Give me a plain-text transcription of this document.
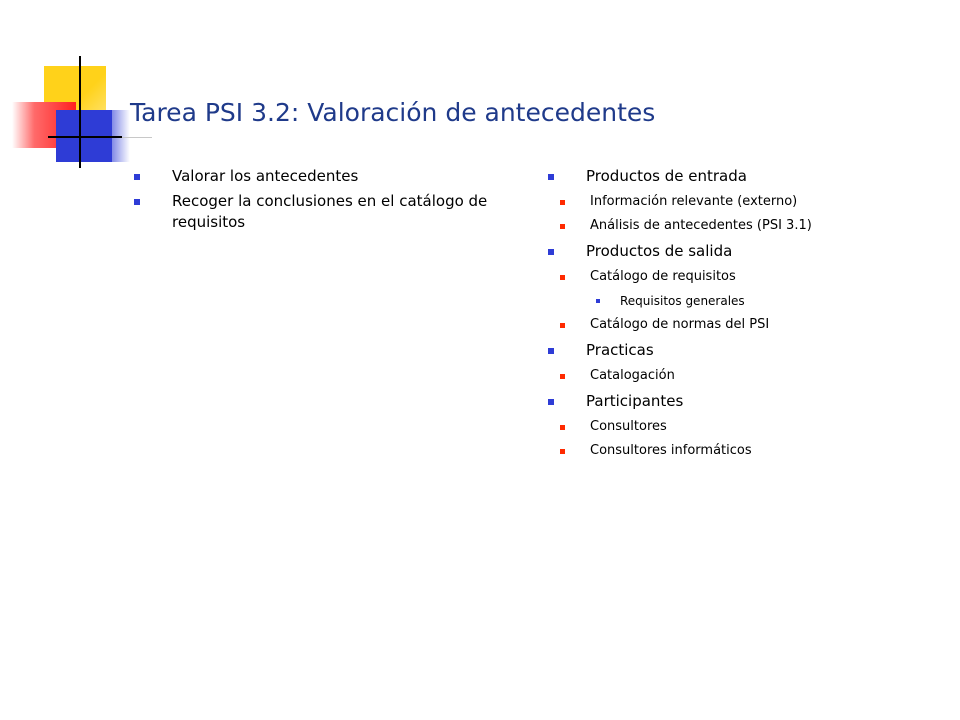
Tarea PSI 3.2: Valoración de antecedentes
Valorar los antecedentes
Recoger la conclusiones en el catálogo de requisitos
Productos de entrada
Información relevante (externo)
Análisis de antecedentes (PSI 3.1)
Productos de salida
Catálogo de requisitos
Requisitos generales
Catálogo de normas del PSI
Practicas
Catalogación
Participantes
Consultores
Consultores informáticos
